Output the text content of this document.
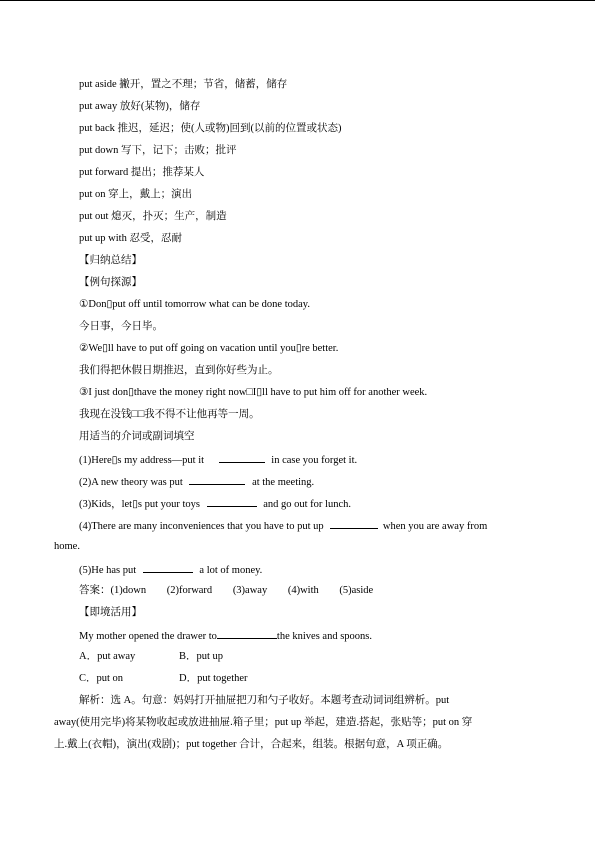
put aside 撇开，置之不理；节省，储蓄，储存
put away 放好(某物)，储存
put back 推迟，延迟；使(人或物)回到(以前的位置或状态)
put down 写下，记下；击败；批评
put forward 提出；推荐某人
put on 穿上，戴上；演出
put out 熄灭，扑灭；生产，制造
put up with 忍受，忍耐
【归纳总结】
【例句探源】
①Don▯put off until tomorrow what can be done today.
今日事，今日毕。
②We▯ll have to put off going on vacation until you▯re better.
我们得把休假日期推迟，直到你好些为止。
③I just don▯thave the money right now□I▯ll have to put him off for another week.
我现在没钱□□我不得不让他再等一周。
用适当的介词或副词填空
(1)Here▯s my address—put it	in case you forget it.
(2)A new theory was put	at the meeting.
(3)Kids，let▯s put your toys	and go out for lunch.
(4)There are many inconveniences that you have to put up	when you are away from
home.
(5)He has put	a lot of money.
答案：(1)down (2)forward (3)away (4)with (5)aside
【即境活用】
My mother opened the drawer to	the knives and spoons.
A．put away	B．put up
C．put on	D．put together
解析：选 A。句意：妈妈打开抽屉把刀和勺子收好。本题考查动词词组辨析。put
away(使用完毕)将某物收起或放进抽屉.箱子里；put up 举起，建造.搭起，张贴等；put on 穿
上.戴上(衣帽)，演出(戏剧)；put together 合计，合起来，组装。根据句意，A 项正确。
